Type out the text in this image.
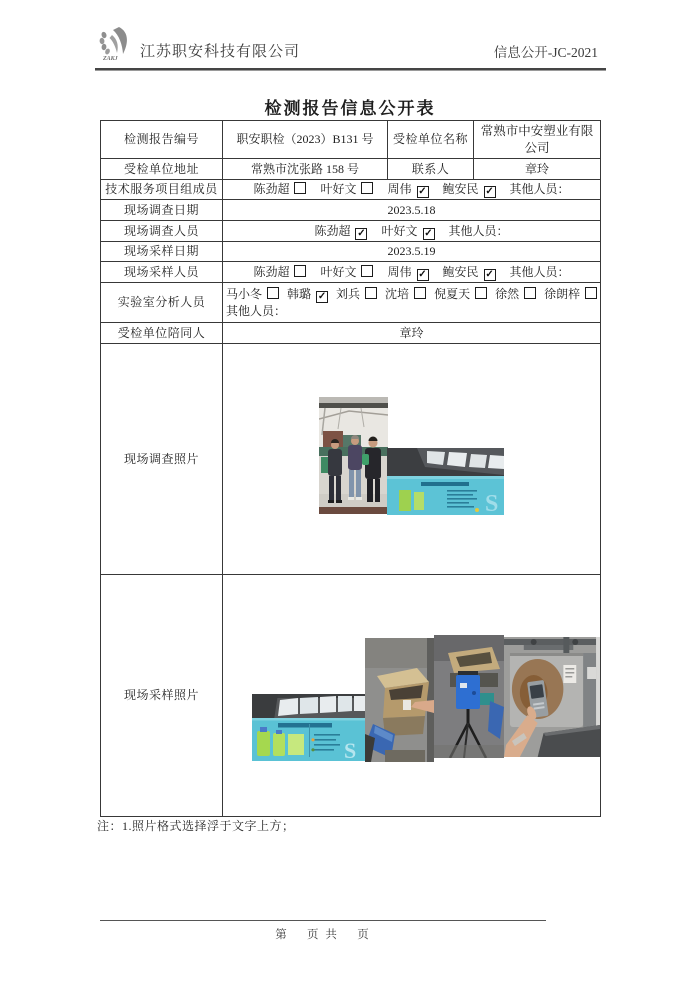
ZAKJ 江苏职安科技有限公司	信息公开-JC-2021
检测报告信息公开表
检测报告编号	职安职检（2023）B131 号	受检单位名称	常熟市中安塑业有限公司
受检单位地址	常熟市沈张路 158 号	联系人	章玲
技术服务项目组成员	陈劲超 叶好文 周伟 ✓ 鲍安民 ✓ 其他人员：		
现场调查日期	2023.5.18		
现场调查人员	陈劲超 ✓ 叶好文 ✓ 其他人员：		
现场采样日期	2023.5.19		
现场采样人员	陈劲超 叶好文 周伟 ✓ 鲍安民 ✓ 其他人员：		
实验室分析人员	马小冬 韩璐 ✓ 刘兵 沈培 倪夏天 徐然 徐朗梓
其他人员：		

受检单位陪同人	章玲		
现场调查照片	S		

现场采样照片	S		
注：1.照片格式选择浮于文字上方；
第　 页 共　 页
